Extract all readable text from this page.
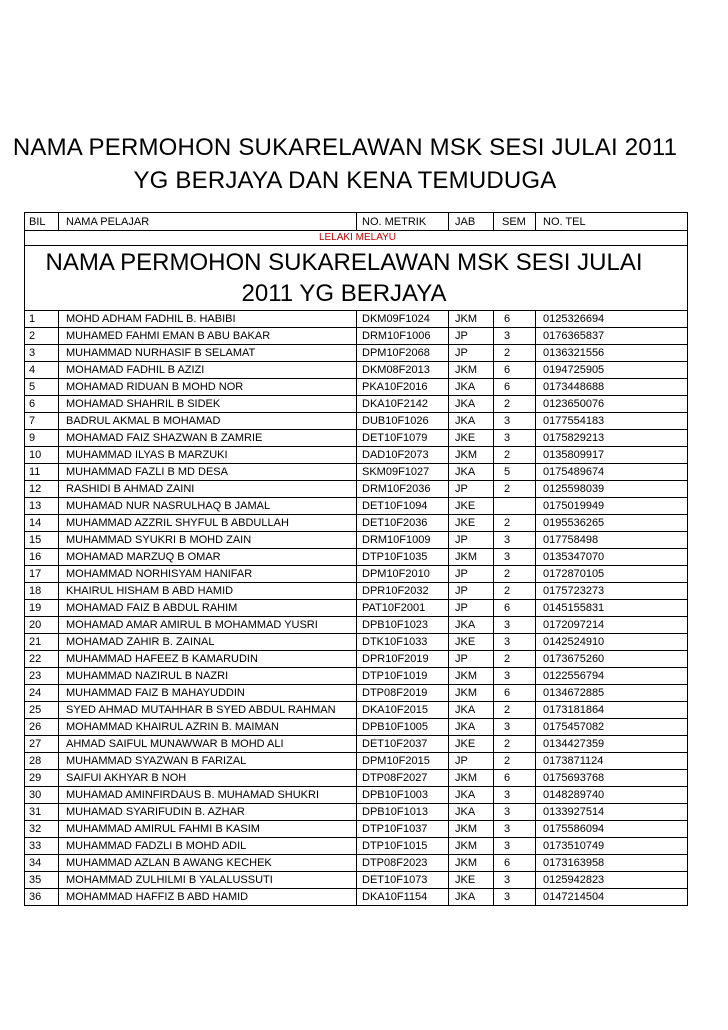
NAMA PERMOHON SUKARELAWAN MSK SESI JULAI 2011 YG BERJAYA DAN KENA TEMUDUGA
BIL	NAMA PELAJAR	NO. METRIK	JAB	SEM	NO. TEL
LELAKI MELAYU					
NAMA PERMOHON SUKARELAWAN MSK SESI JULAI 2011 YG BERJAYA					
1	MOHD ADHAM FADHIL B. HABIBI	DKM09F1024	JKM	6	0125326694
2	MUHAMED FAHMI EMAN B ABU BAKAR	DRM10F1006	JP	3	0176365837
3	MUHAMMAD NURHASIF B SELAMAT	DPM10F2068	JP	2	0136321556
4	MOHAMAD FADHIL B AZIZI	DKM08F2013	JKM	6	0194725905
5	MOHAMAD RIDUAN B MOHD NOR	PKA10F2016	JKA	6	0173448688
6	MOHAMAD SHAHRIL B SIDEK	DKA10F2142	JKA	2	0123650076
7	BADRUL AKMAL B MOHAMAD	DUB10F1026	JKA	3	0177554183
9	MOHAMAD FAIZ SHAZWAN B ZAMRIE	DET10F1079	JKE	3	0175829213
10	MUHAMMAD ILYAS B MARZUKI	DAD10F2073	JKM	2	0135809917
11	MUHAMMAD FAZLI B MD DESA	SKM09F1027	JKA	5	0175489674
12	RASHIDI B AHMAD ZAINI	DRM10F2036	JP	2	0125598039
13	MUHAMAD NUR NASRULHAQ B JAMAL	DET10F1094	JKE		0175019949
14	MUHAMMAD AZZRIL SHYFUL B ABDULLAH	DET10F2036	JKE	2	0195536265
15	MUHAMMAD SYUKRI B MOHD ZAIN	DRM10F1009	JP	3	017758498
16	MOHAMAD MARZUQ B OMAR	DTP10F1035	JKM	3	0135347070
17	MOHAMMAD NORHISYAM HANIFAR	DPM10F2010	JP	2	0172870105
18	KHAIRUL HISHAM B ABD HAMID	DPR10F2032	JP	2	0175723273
19	MOHAMAD FAIZ B ABDUL RAHIM	PAT10F2001	JP	6	0145155831
20	MOHAMAD AMAR AMIRUL B MOHAMMAD YUSRI	DPB10F1023	JKA	3	0172097214
21	MOHAMAD ZAHIR B. ZAINAL	DTK10F1033	JKE	3	0142524910
22	MUHAMMAD HAFEEZ B KAMARUDIN	DPR10F2019	JP	2	0173675260
23	MUHAMMAD NAZIRUL B NAZRI	DTP10F1019	JKM	3	0122556794
24	MUHAMMAD FAIZ B MAHAYUDDIN	DTP08F2019	JKM	6	0134672885
25	SYED AHMAD MUTAHHAR B SYED ABDUL RAHMAN	DKA10F2015	JKA	2	0173181864
26	MOHAMMAD KHAIRUL AZRIN B. MAIMAN	DPB10F1005	JKA	3	0175457082
27	AHMAD SAIFUL MUNAWWAR B MOHD ALI	DET10F2037	JKE	2	0134427359
28	MUHAMMAD SYAZWAN B FARIZAL	DPM10F2015	JP	2	0173871124
29	SAIFUI AKHYAR B NOH	DTP08F2027	JKM	6	0175693768
30	MUHAMAD AMINFIRDAUS B. MUHAMAD SHUKRI	DPB10F1003	JKA	3	0148289740
31	MUHAMAD SYARIFUDIN B. AZHAR	DPB10F1013	JKA	3	0133927514
32	MUHAMMAD AMIRUL FAHMI B KASIM	DTP10F1037	JKM	3	0175586094
33	MUHAMMAD FADZLI B MOHD ADIL	DTP10F1015	JKM	3	0173510749
34	MUHAMMAD AZLAN B AWANG KECHEK	DTP08F2023	JKM	6	0173163958
35	MOHAMMAD ZULHILMI B YALALUSSUTI	DET10F1073	JKE	3	0125942823
36	MOHAMMAD HAFFIZ B ABD HAMID	DKA10F1154	JKA	3	0147214504
